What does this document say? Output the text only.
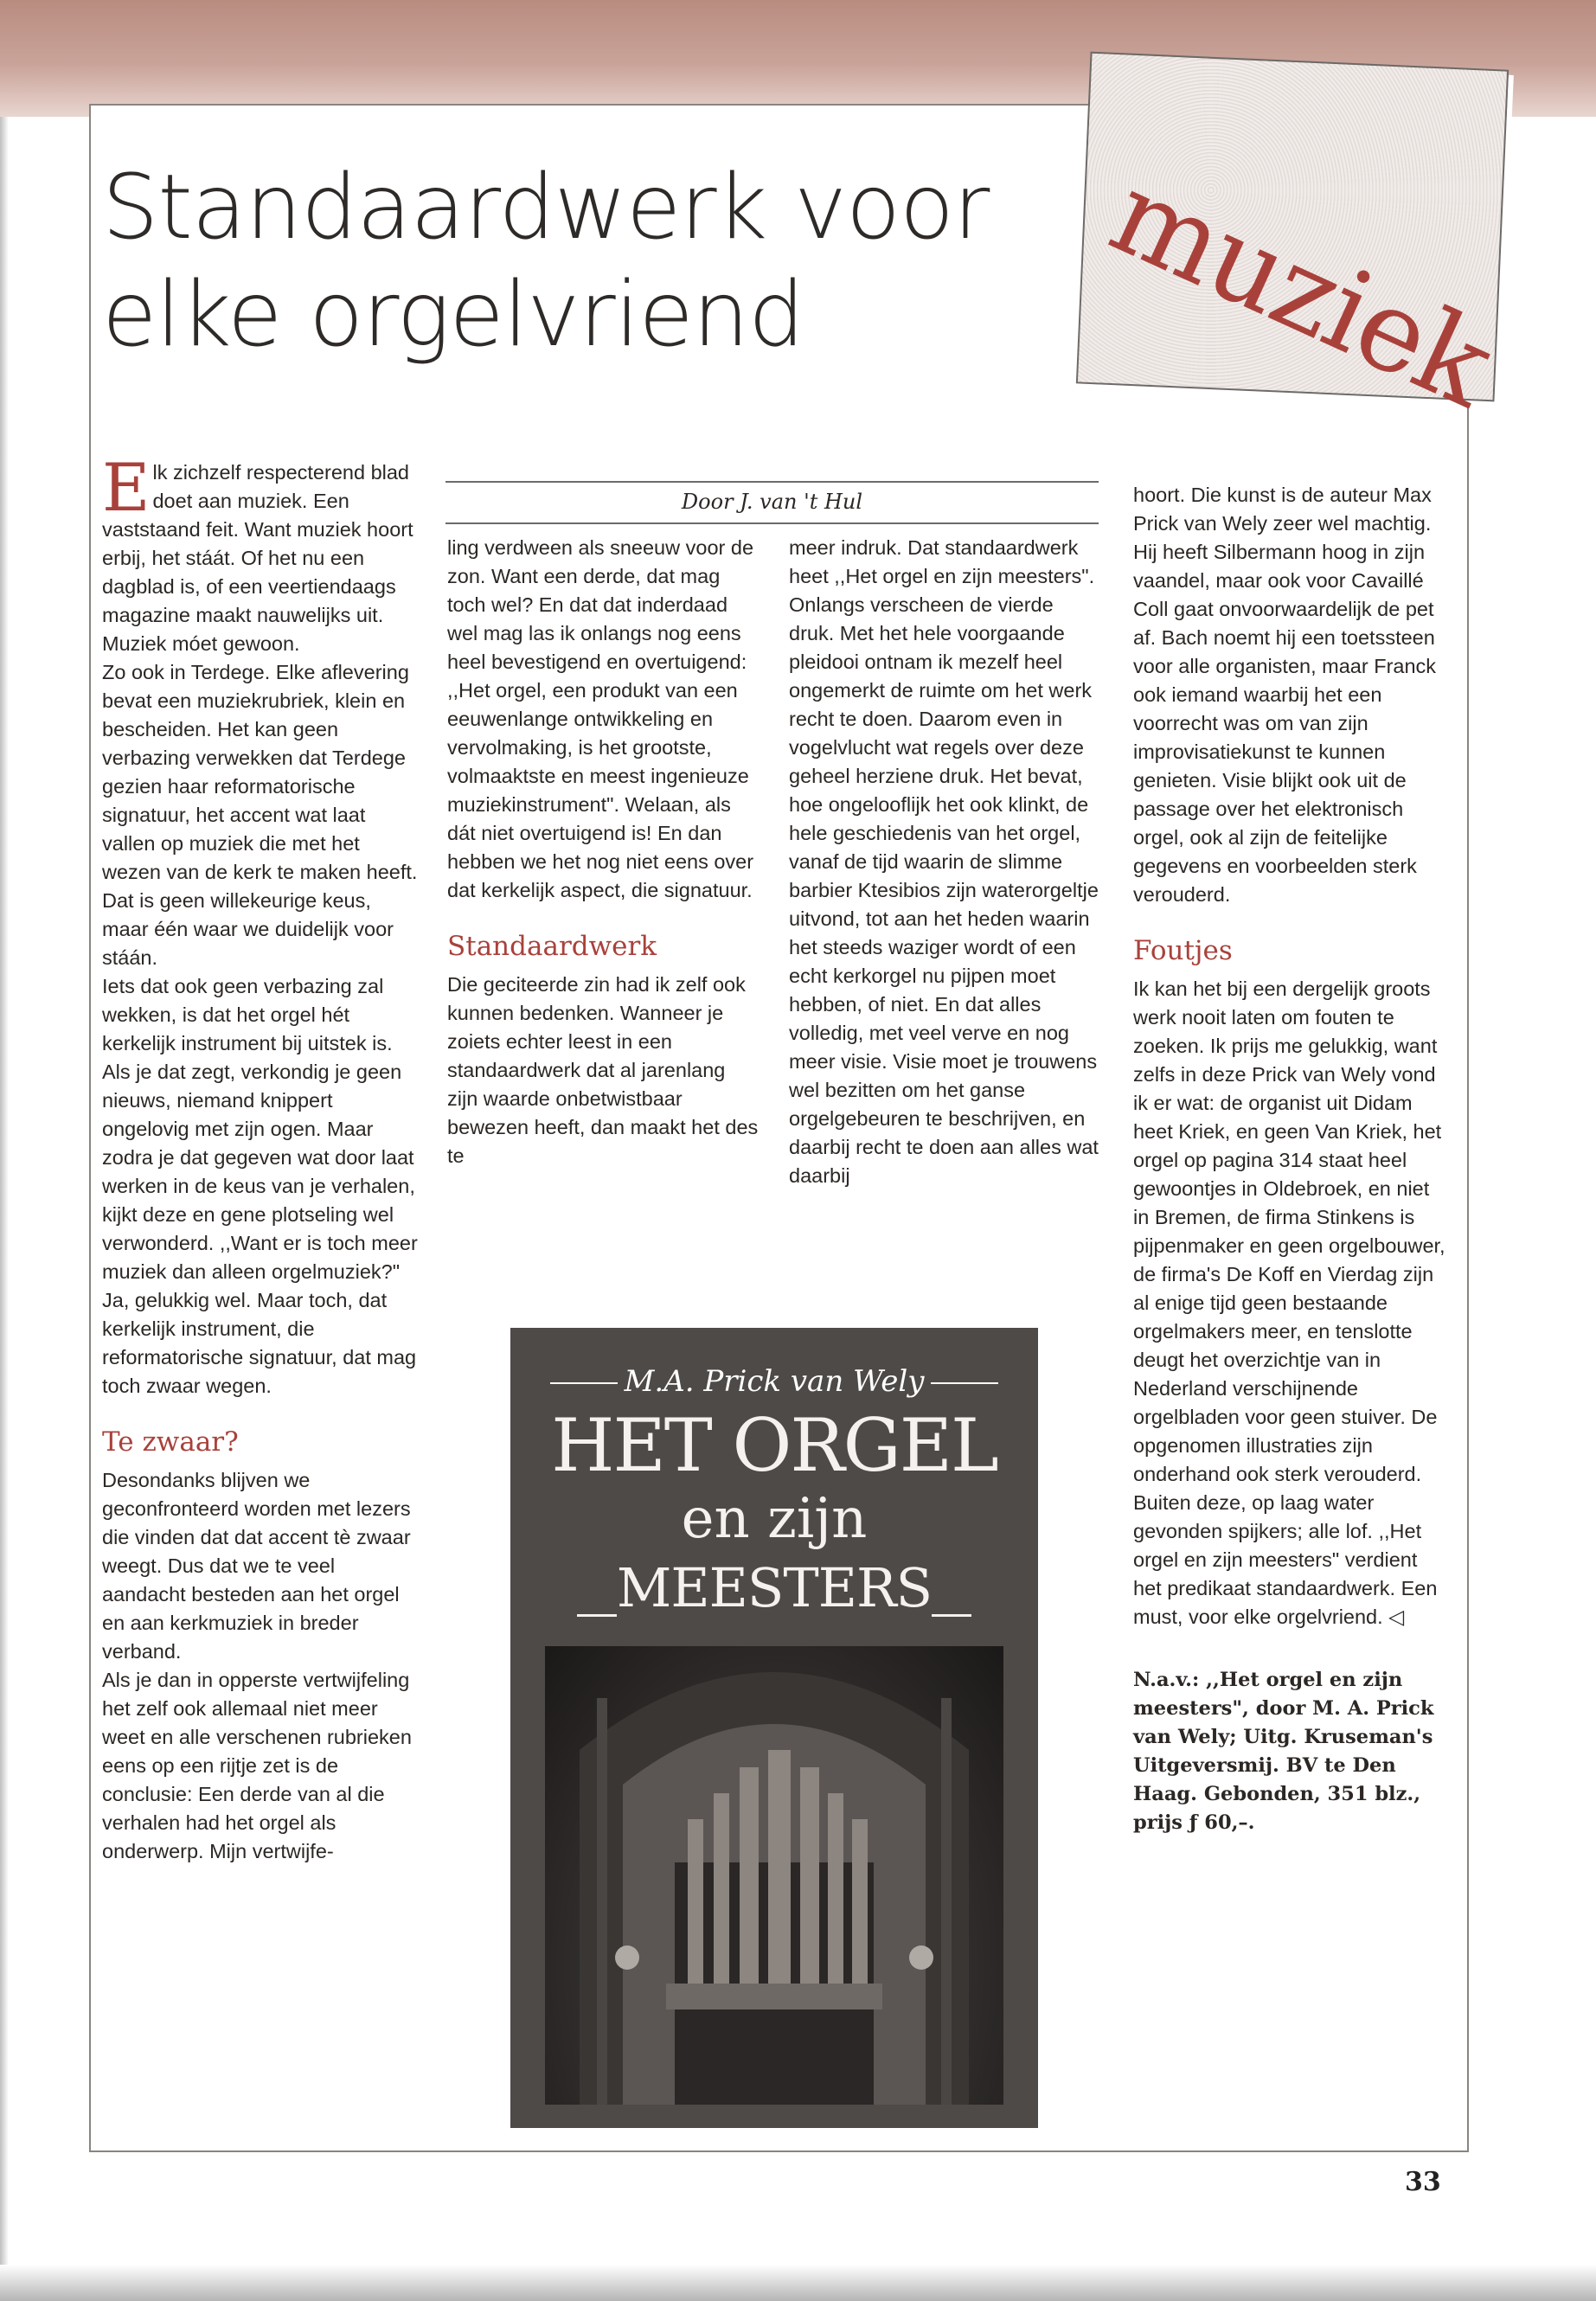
Standaardwerk voor
elke orgelvriend	muziek
Door J. van 't Hul

Elk zichzelf respecterend blad doet aan muziek. Een vaststaand feit. Want muziek hoort erbij, het stáát. Of het nu een dagblad is, of een veertiendaags magazine maakt nauwelijks uit. Muziek móet gewoon.

Zo ook in Terdege. Elke aflevering bevat een muziekrubriek, klein en bescheiden. Het kan geen verbazing verwekken dat Terdege gezien haar reformatorische signatuur, het accent wat laat vallen op muziek die met het wezen van de kerk te maken heeft. Dat is geen willekeurige keus, maar één waar we duidelijk voor stáán.

Iets dat ook geen verbazing zal wekken, is dat het orgel hét kerkelijk instrument bij uitstek is. Als je dat zegt, verkondig je geen nieuws, niemand knippert ongelovig met zijn ogen. Maar zodra je dat gegeven wat door laat werken in de keus van je verhalen, kijkt deze en gene plotseling wel verwonderd. ,,Want er is toch meer muziek dan alleen orgelmuziek?" Ja, gelukkig wel. Maar toch, dat kerkelijk instrument, die reformatorische signatuur, dat mag toch zwaar wegen.

Te zwaar?

Desondanks blijven we geconfronteerd worden met lezers die vinden dat dat accent tè zwaar weegt. Dus dat we te veel aandacht besteden aan het orgel en aan kerkmuziek in breder verband.

Als je dan in opperste vertwijfeling het zelf ook allemaal niet meer weet en alle verschenen rubrieken eens op een rijtje zet is de conclusie: Een derde van al die verhalen had het orgel als onderwerp. Mijn vertwijfe-

ling verdween als sneeuw voor de zon. Want een derde, dat mag toch wel? En dat dat inderdaad wel mag las ik onlangs nog eens heel bevestigend en overtuigend: ,,Het orgel, een produkt van een eeuwenlange ontwikkeling en vervolmaking, is het grootste, volmaaktste en meest ingenieuze muziekinstrument". Welaan, als dát niet overtuigend is! En dan hebben we het nog niet eens over dat kerkelijk aspect, die signatuur.

Standaardwerk

Die geciteerde zin had ik zelf ook kunnen bedenken. Wanneer je zoiets echter leest in een standaardwerk dat al jarenlang zijn waarde onbetwistbaar bewezen heeft, dan maakt het des te

meer indruk. Dat standaardwerk heet ,,Het orgel en zijn meesters". Onlangs verscheen de vierde druk. Met het hele voorgaande pleidooi ontnam ik mezelf heel ongemerkt de ruimte om het werk recht te doen. Daarom even in vogelvlucht wat regels over deze geheel herziene druk. Het bevat, hoe ongelooflijk het ook klinkt, de hele geschiedenis van het orgel, vanaf de tijd waarin de slimme barbier Ktesibios zijn waterorgeltje uitvond, tot aan het heden waarin het steeds waziger wordt of een echt kerkorgel nu pijpen moet hebben, of niet. En dat alles volledig, met veel verve en nog meer visie. Visie moet je trouwens wel bezitten om het ganse orgelgebeuren te beschrijven, en daarbij recht te doen aan alles wat daarbij

hoort. Die kunst is de auteur Max Prick van Wely zeer wel machtig. Hij heeft Silbermann hoog in zijn vaandel, maar ook voor Cavaillé Coll gaat onvoorwaardelijk de pet af. Bach noemt hij een toetssteen voor alle organisten, maar Franck ook iemand waarbij het een voorrecht was om van zijn improvisatiekunst te kunnen genieten. Visie blijkt ook uit de passage over het elektronisch orgel, ook al zijn de feitelijke gegevens en voorbeelden sterk verouderd.

Foutjes

Ik kan het bij een dergelijk groots werk nooit laten om fouten te zoeken. Ik prijs me gelukkig, want zelfs in deze Prick van Wely vond ik er wat: de organist uit Didam heet Kriek, en geen Van Kriek, het orgel op pagina 314 staat heel gewoontjes in Oldebroek, en niet in Bremen, de firma Stinkens is pijpenmaker en geen orgelbouwer, de firma's De Koff en Vierdag zijn al enige tijd geen bestaande orgelmakers meer, en tenslotte deugt het overzichtje van in Nederland verschijnende orgelbladen voor geen stuiver. De opgenomen illustraties zijn onderhand ook sterk verouderd.

Buiten deze, op laag water gevonden spijkers; alle lof. ,,Het orgel en zijn meesters" verdient het predikaat standaardwerk. Een must, voor elke orgelvriend. ◁

N.a.v.: ,,Het orgel en zijn meesters", door M. A. Prick van Wely; Uitg. Kruseman's Uitgeversmij. BV te Den Haag. Gebonden, 351 blz., prijs ƒ 60,–.

M.A. Prick van Wely
HET ORGEL
en zijn
MEESTERS
33
